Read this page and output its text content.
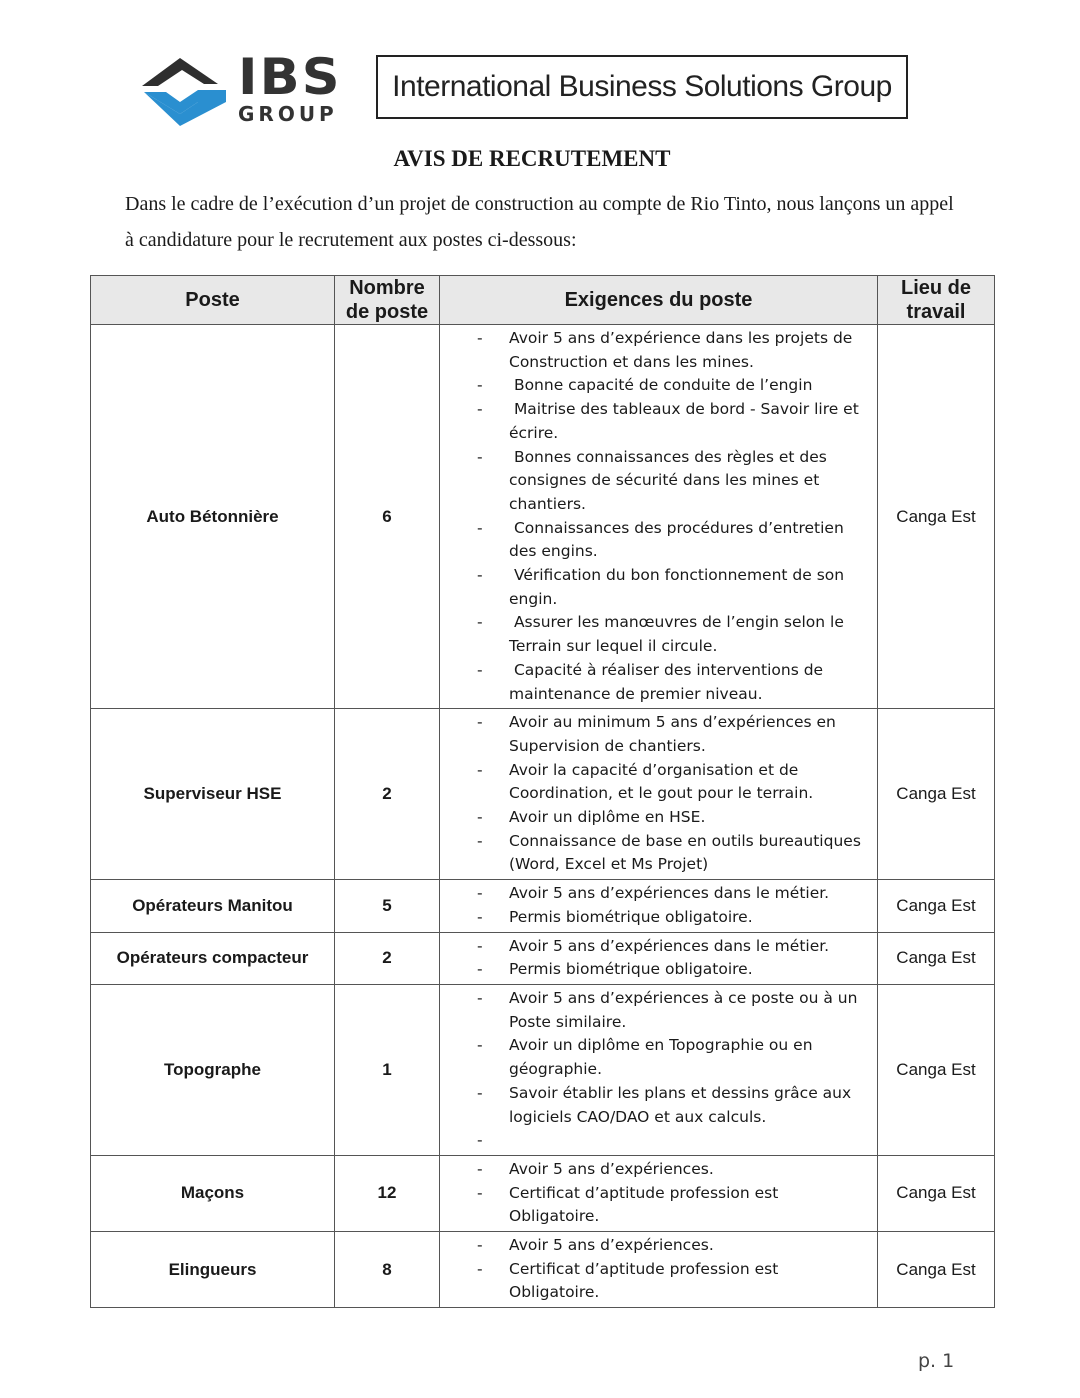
IBS
GROUP
International Business Solutions Group
AVIS DE RECRUTEMENT
Dans le cadre de l’exécution d’un projet de construction au compte de Rio Tinto, nous lançons un appel à candidature pour le recrutement aux postes ci-dessous:
Poste	Nombre de poste	Exigences du poste	Lieu de travail
Auto Bétonnière	6	
- Avoir 5 ans d’expérience dans les projets de Construction et dans les mines.
- Bonne capacité de conduite de l’engin
- Maitrise des tableaux de bord - Savoir lire et écrire.
- Bonnes connaissances des règles et des consignes de sécurité dans les mines et chantiers.
- Connaissances des procédures d’entretien des engins.
- Vérification du bon fonctionnement de son engin.
- Assurer les manœuvres de l’engin selon le Terrain sur lequel il circule.
- Capacité à réaliser des interventions de maintenance de premier niveau.
	Canga Est
Superviseur HSE	2	
- Avoir au minimum 5 ans d’expériences en Supervision de chantiers.
- Avoir la capacité d’organisation et de Coordination, et le gout pour le terrain.
- Avoir un diplôme en HSE.
- Connaissance de base en outils bureautiques (Word, Excel et Ms Projet)
	Canga Est
Opérateurs Manitou	5	
- Avoir 5 ans d’expériences dans le métier.
- Permis biométrique obligatoire.
	Canga Est
Opérateurs compacteur	2	
- Avoir 5 ans d’expériences dans le métier.
- Permis biométrique obligatoire.
	Canga Est
Topographe	1	
- Avoir 5 ans d’expériences à ce poste ou à un Poste similaire.
- Avoir un diplôme en Topographie ou en géographie.
- Savoir établir les plans et dessins grâce aux logiciels CAO/DAO et aux calculs.
-
	Canga Est
Maçons	12	
- Avoir 5 ans d’expériences.
- Certificat d’aptitude profession est Obligatoire.
	Canga Est
Elingueurs	8	
- Avoir 5 ans d’expériences.
- Certificat d’aptitude profession est Obligatoire.
	Canga Est
p. 1
